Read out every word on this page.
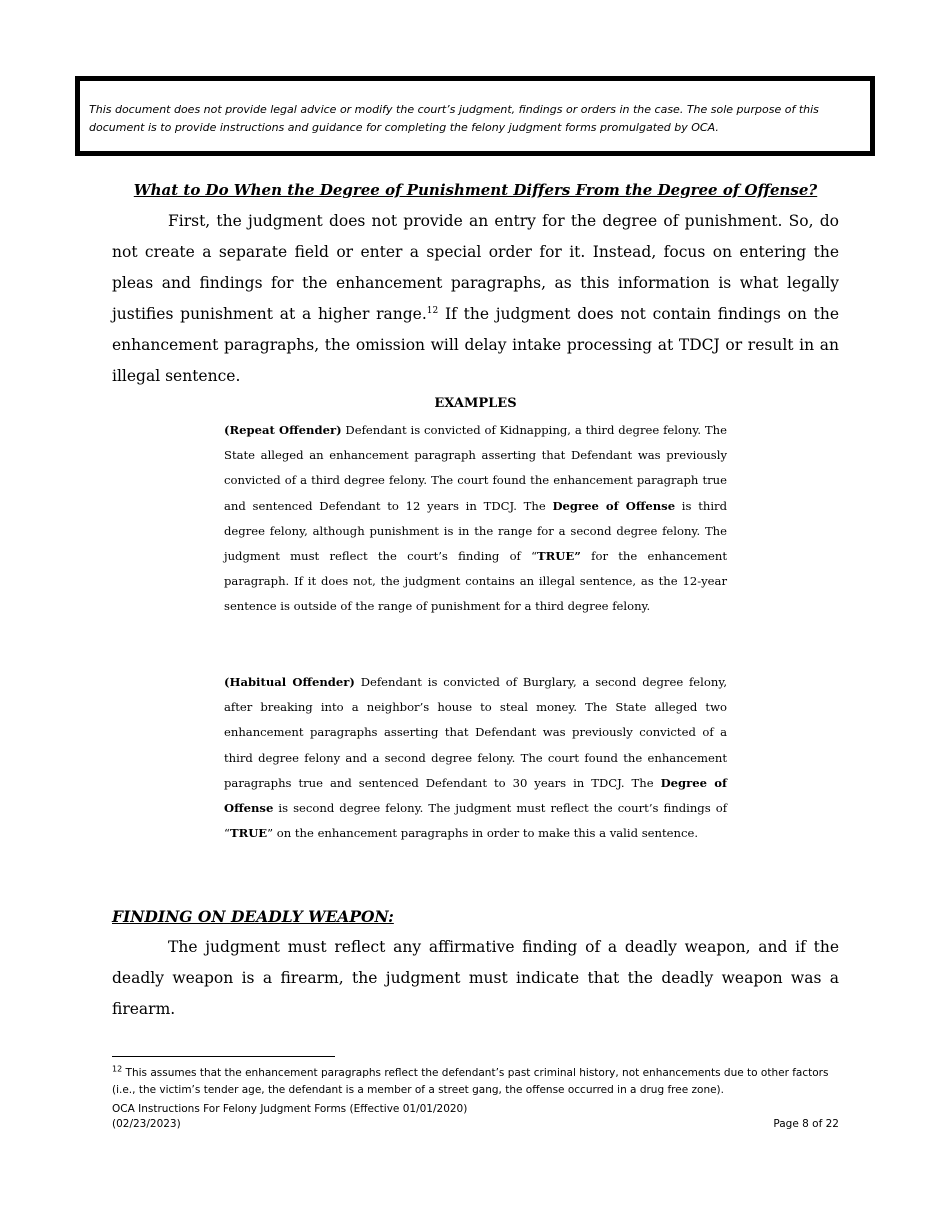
This document does not provide legal advice or modify the court’s judgment, findings or orders in the case. The sole purpose of this document is to provide instructions and guidance for completing the felony judgment forms promulgated by OCA.

What to Do When the Degree of Punishment Differs From the Degree of Offense?

First, the judgment does not provide an entry for the degree of punishment. So, do not create a separate field or enter a special order for it. Instead, focus on entering the pleas and findings for the enhancement paragraphs, as this information is what legally justifies punishment at a higher range.$^{12}$ If the judgment does not contain findings on the enhancement paragraphs, the omission will delay intake processing at TDCJ or result in an illegal sentence.

EXAMPLES

(Repeat Offender) Defendant is convicted of Kidnapping, a third degree felony. The State alleged an enhancement paragraph asserting that Defendant was previously convicted of a third degree felony. The court found the enhancement paragraph true and sentenced Defendant to 12 years in TDCJ. The Degree of Offense is third degree felony, although punishment is in the range for a second degree felony. The judgment must reflect the court’s finding of “TRUE” for the enhancement paragraph. If it does not, the judgment contains an illegal sentence, as the 12-year sentence is outside of the range of punishment for a third degree felony.

(Habitual Offender) Defendant is convicted of Burglary, a second degree felony, after breaking into a neighbor’s house to steal money. The State alleged two enhancement paragraphs asserting that Defendant was previously convicted of a third degree felony and a second degree felony. The court found the enhancement paragraphs true and sentenced Defendant to 30 years in TDCJ. The Degree of Offense is second degree felony. The judgment must reflect the court’s findings of “TRUE” on the enhancement paragraphs in order to make this a valid sentence.

FINDING ON DEADLY WEAPON:

The judgment must reflect any affirmative finding of a deadly weapon, and if the deadly weapon is a firearm, the judgment must indicate that the deadly weapon was a firearm.

$^{12}$ This assumes that the enhancement paragraphs reflect the defendant’s past criminal history, not enhancements due to other factors (i.e., the victim’s tender age, the defendant is a member of a street gang, the offense occurred in a drug free zone).

OCA Instructions For Felony Judgment Forms (Effective 01/01/2020)

(02/23/2023)	Page 8 of 22
